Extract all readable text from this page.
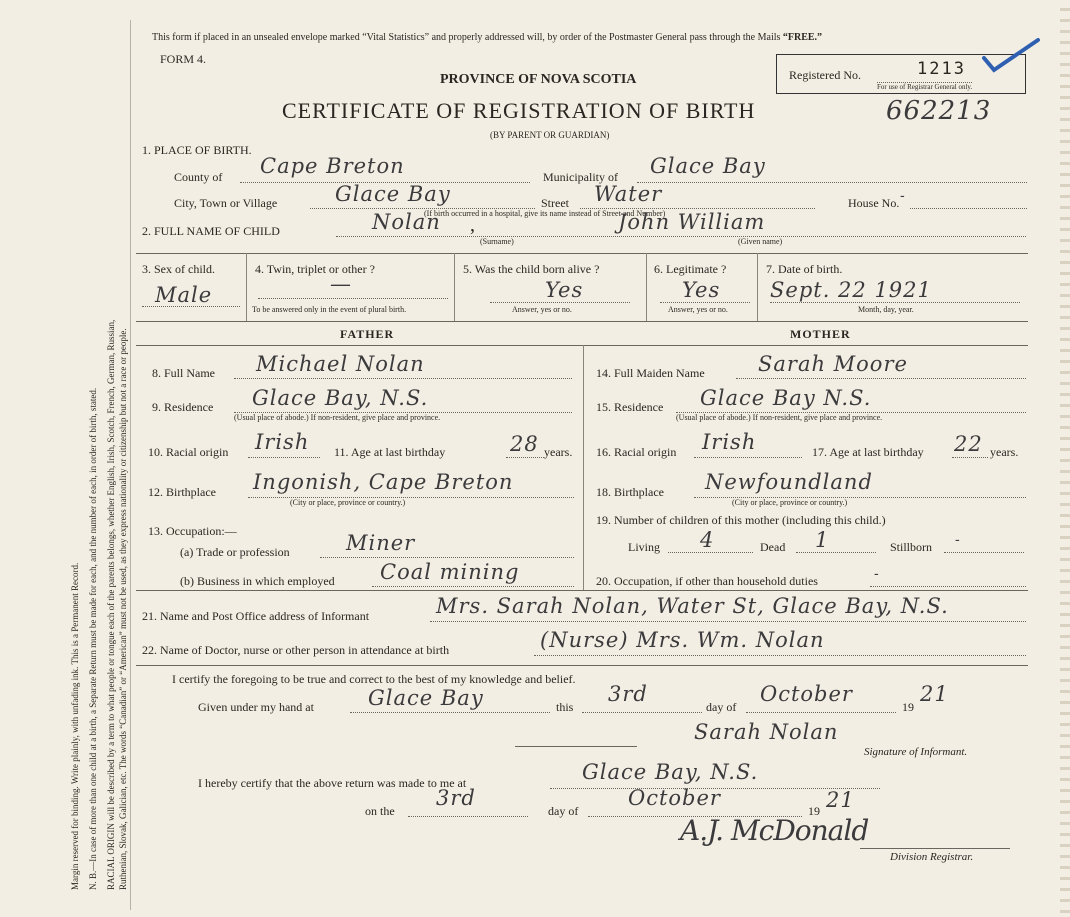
Margin reserved for binding. Write plainly, with unfading ink. This is a Permanent Record. N. B.—In case of more than one child at a birth, a Separate Return must be made for each, and the number of each, in order of birth, stated. RACIAL ORIGIN will be described by a term to what people or tongue each of the parents belongs, whether English, Irish, Scotch, French, German, Russian, Ruthenian, Slovak, Galician, etc. The words “Canadian” or “American” must not be used, as they express nationality or citizenship but not a race or people.
This form if placed in an unsealed envelope marked “Vital Statistics” and properly addressed will, by order of the Postmaster General pass through the Mails “FREE.”
FORM 4.
PROVINCE OF NOVA SCOTIA
CERTIFICATE OF REGISTRATION OF BIRTH	662213
(BY PARENT OR GUARDIAN)
Registered No.	1213
For use of Registrar General only.
1. PLACE OF BIRTH.
County of Cape Breton	Municipality of Glace Bay
City, Town or Village	Glace Bay	Street Water	House No. -
(If birth occurred in a hospital, give its name instead of Street and Number)
2. FULL NAME OF CHILD	Nolan ,	John William
(Surname)	(Given name)
3. Sex of child.
Male
4. Twin, triplet or other ?
—
To be answered only in the event of plural birth.
5. Was the child born alive ?
Yes
Answer, yes or no.
6. Legitimate ?
Yes
Answer, yes or no.
7. Date of birth.
Sept. 22 1921
Month, day, year.
FATHER	MOTHER
8. Full Name Michael Nolan
9. Residence Glace Bay, N.S.
(Usual place of abode.) If non-resident, give place and province.
10. Racial origin Irish 11. Age at last birthday	28 years.
12. Birthplace Ingonish, Cape Breton
(City or place, province or country.)
13. Occupation:—
(a) Trade or profession	Miner
(b) Business in which employed Coal mining
14. Full Maiden Name	Sarah Moore
15. Residence Glace Bay N.S.
(Usual place of abode.) If non-resident, give place and province.
16. Racial origin Irish	17. Age at last birthday 22 years.
18. Birthplace Newfoundland
(City or place, province or country.)
19. Number of children of this mother (including this child.)
Living 4	Dead 1	Stillborn -
20. Occupation, if other than household duties	-
21. Name and Post Office address of Informant	Mrs. Sarah Nolan, Water St, Glace Bay, N.S.
22. Name of Doctor, nurse or other person in attendance at birth	(Nurse) Mrs. Wm. Nolan
I certify the foregoing to be true and correct to the best of my knowledge and belief.
Given under my hand at	Glace Bay	this
3rd
day of
October
19
21
Sarah Nolan
Signature of Informant.
I hereby certify that the above return was made to me at	Glace Bay, N.S.
on the
3rd
day of
October
19 21
A.J. McDonald
Division Registrar.
